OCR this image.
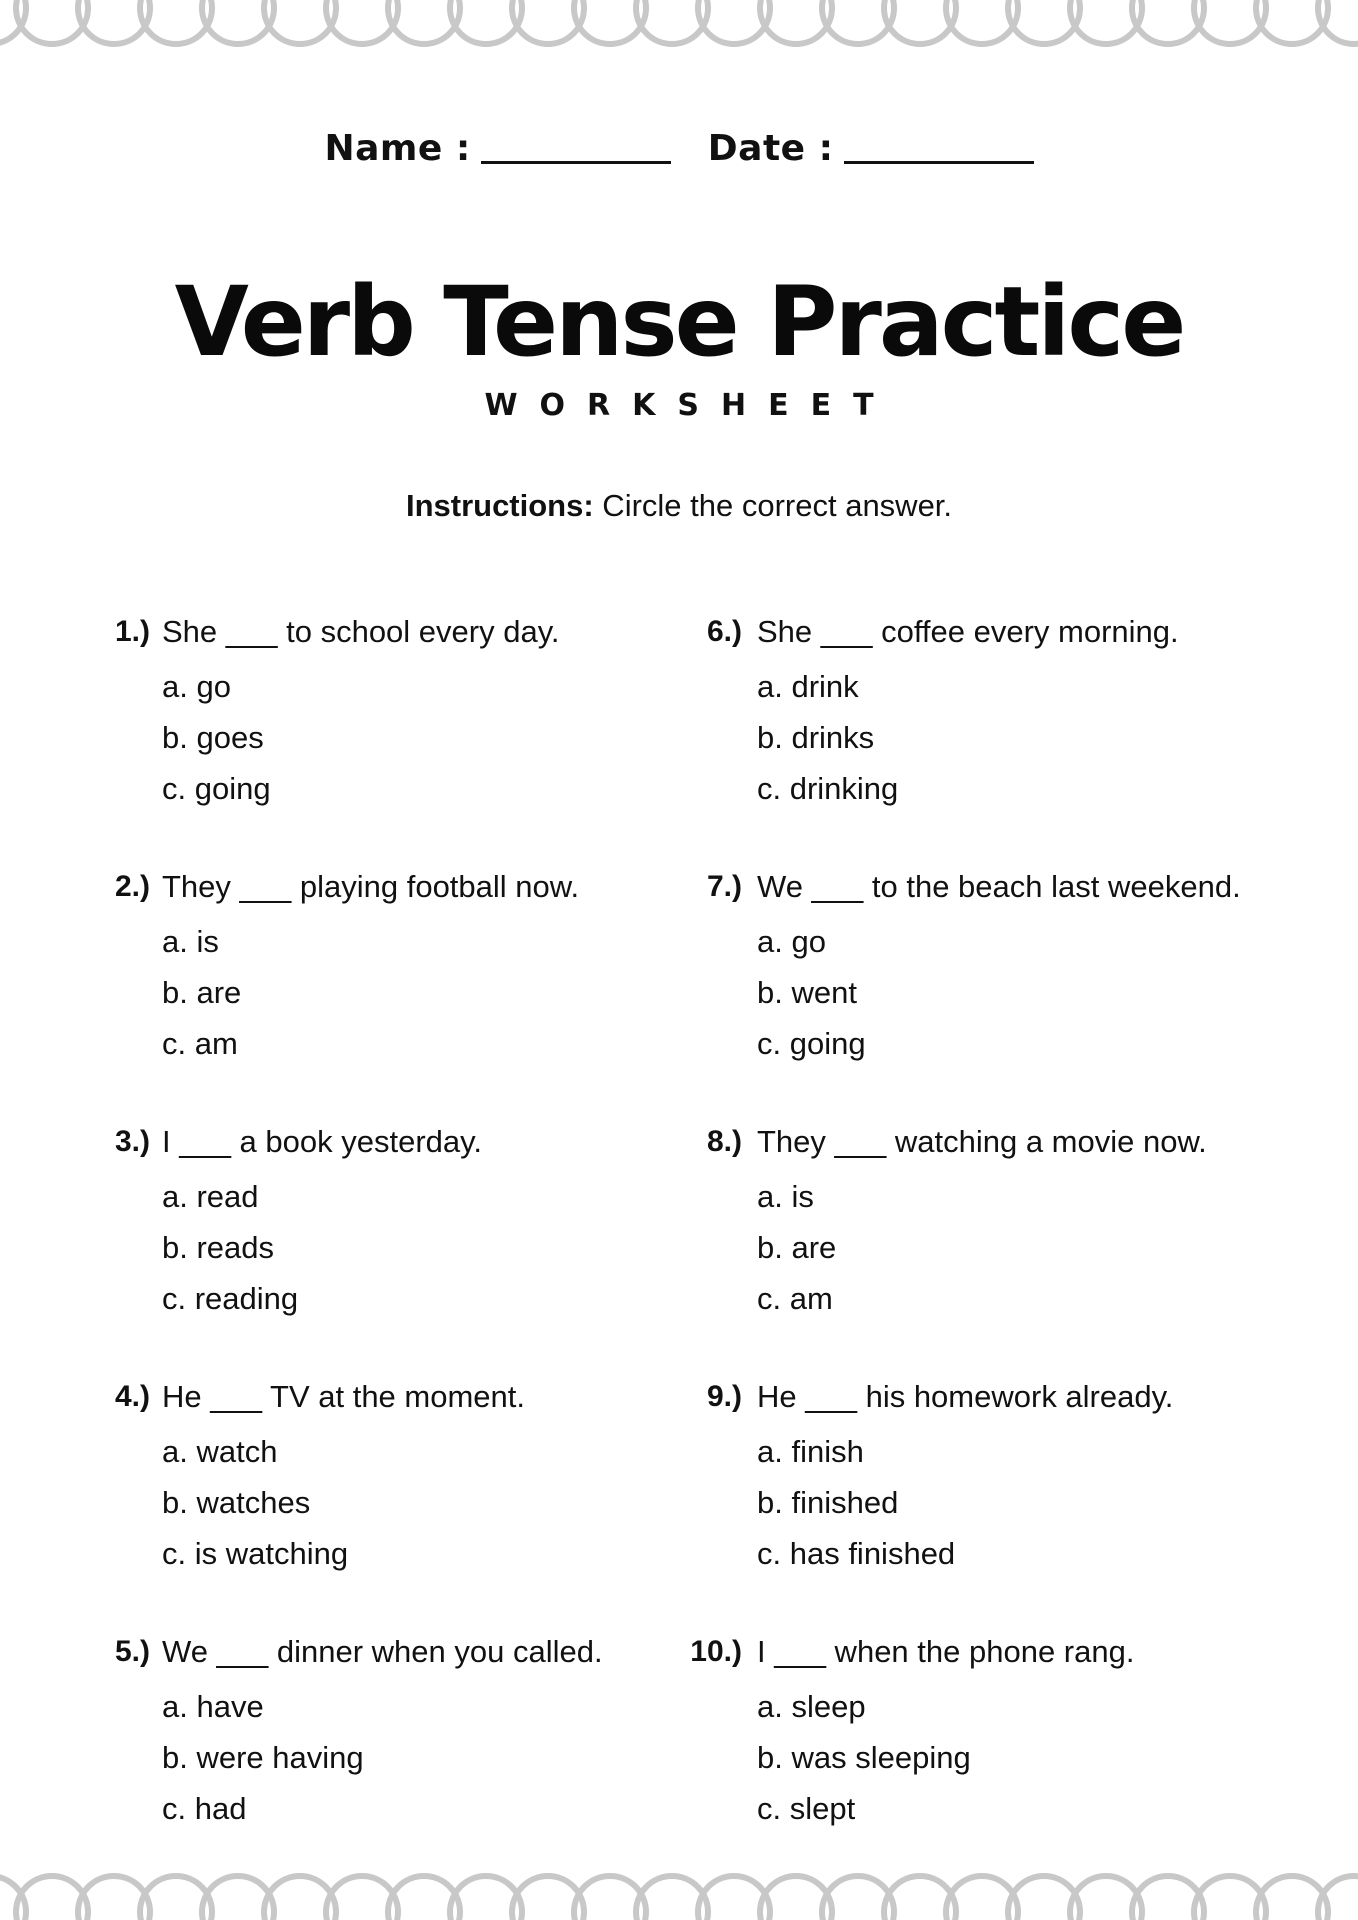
Name :	Date :
Verb Tense Practice
WORKSHEET
Instructions: Circle the correct answer.
1.) She ___ to school every day.
a. go
b. goes
c. going
2.) They ___ playing football now.
a. is
b. are
c. am
3.) I ___ a book yesterday.
a. read
b. reads
c. reading
4.) He ___ TV at the moment.
a. watch
b. watches
c. is watching
5.) We ___ dinner when you called.
a. have
b. were having
c. had
6.) She ___ coffee every morning.
a. drink
b. drinks
c. drinking
7.) We ___ to the beach last weekend.
a. go
b. went
c. going
8.) They ___ watching a movie now.
a. is
b. are
c. am
9.) He ___ his homework already.
a. finish
b. finished
c. has finished
10.) I ___ when the phone rang.
a. sleep
b. was sleeping
c. slept
